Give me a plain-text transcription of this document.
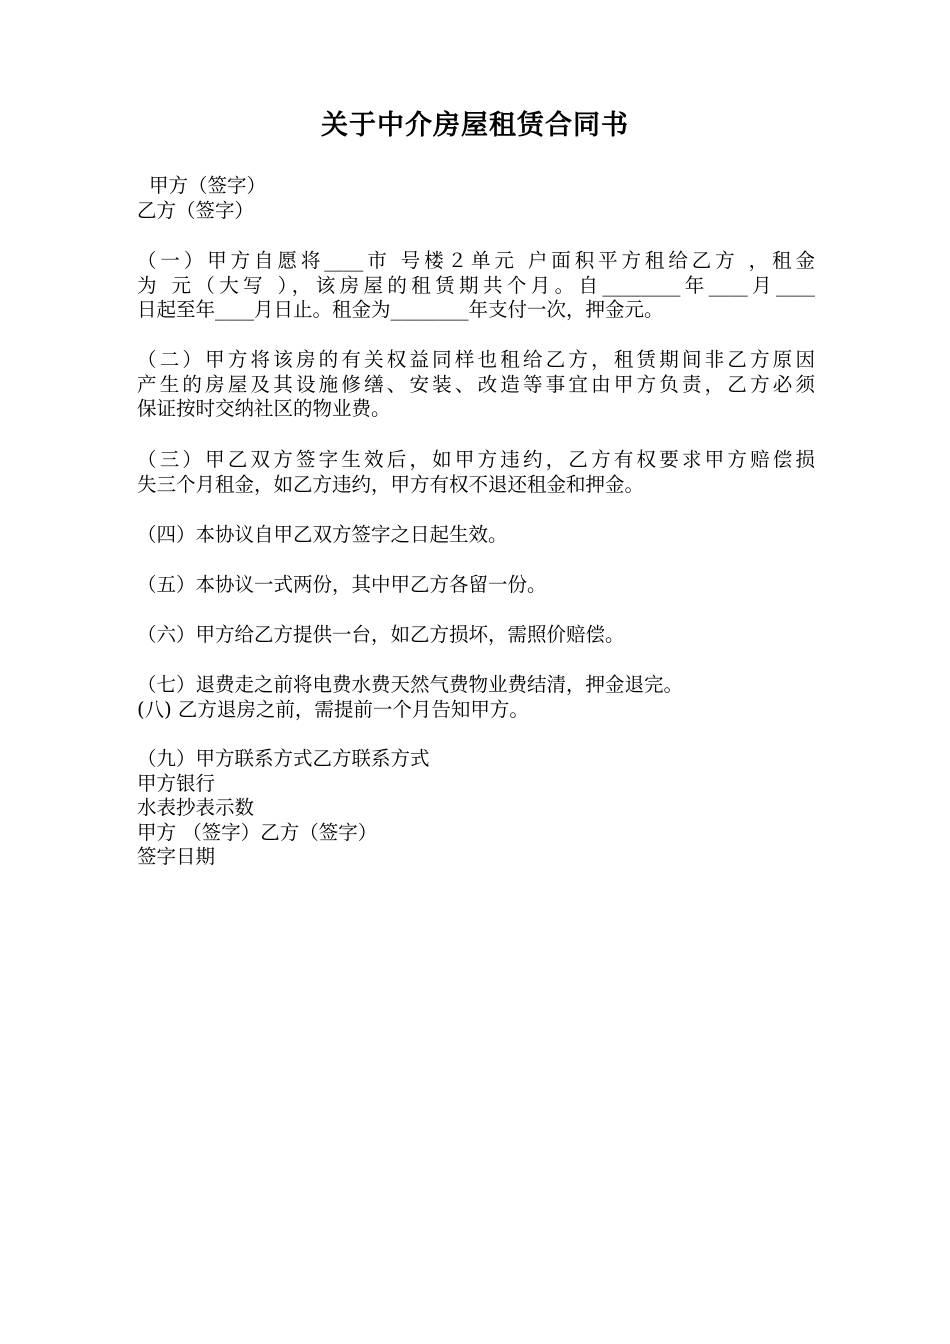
关于中介房屋租赁合同书
甲方（签字）
乙方（签字）
（一）甲方自愿将____市 号楼２单元 户面积平方租给乙方 ，租金
为 元（大写 ），该房屋的租赁期共个月。自________年____月____
日起至年____月日止。租金为________年支付一次，押金元。
（二）甲方将该房的有关权益同样也租给乙方，租赁期间非乙方原因
产生的房屋及其设施修缮、安装、改造等事宜由甲方负责，乙方必须
保证按时交纳社区的物业费。
（三）甲乙双方签字生效后，如甲方违约，乙方有权要求甲方赔偿损
失三个月租金，如乙方违约，甲方有权不退还租金和押金。
（四）本协议自甲乙双方签字之日起生效。
（五）本协议一式两份，其中甲乙方各留一份。
（六）甲方给乙方提供一台，如乙方损坏，需照价赔偿。
（七）退费走之前将电费水费天然气费物业费结清，押金退完。
(八) 乙方退房之前，需提前一个月告知甲方。
（九）甲方联系方式乙方联系方式
甲方银行
水表抄表示数
甲方 （签字）乙方（签字）
签字日期
